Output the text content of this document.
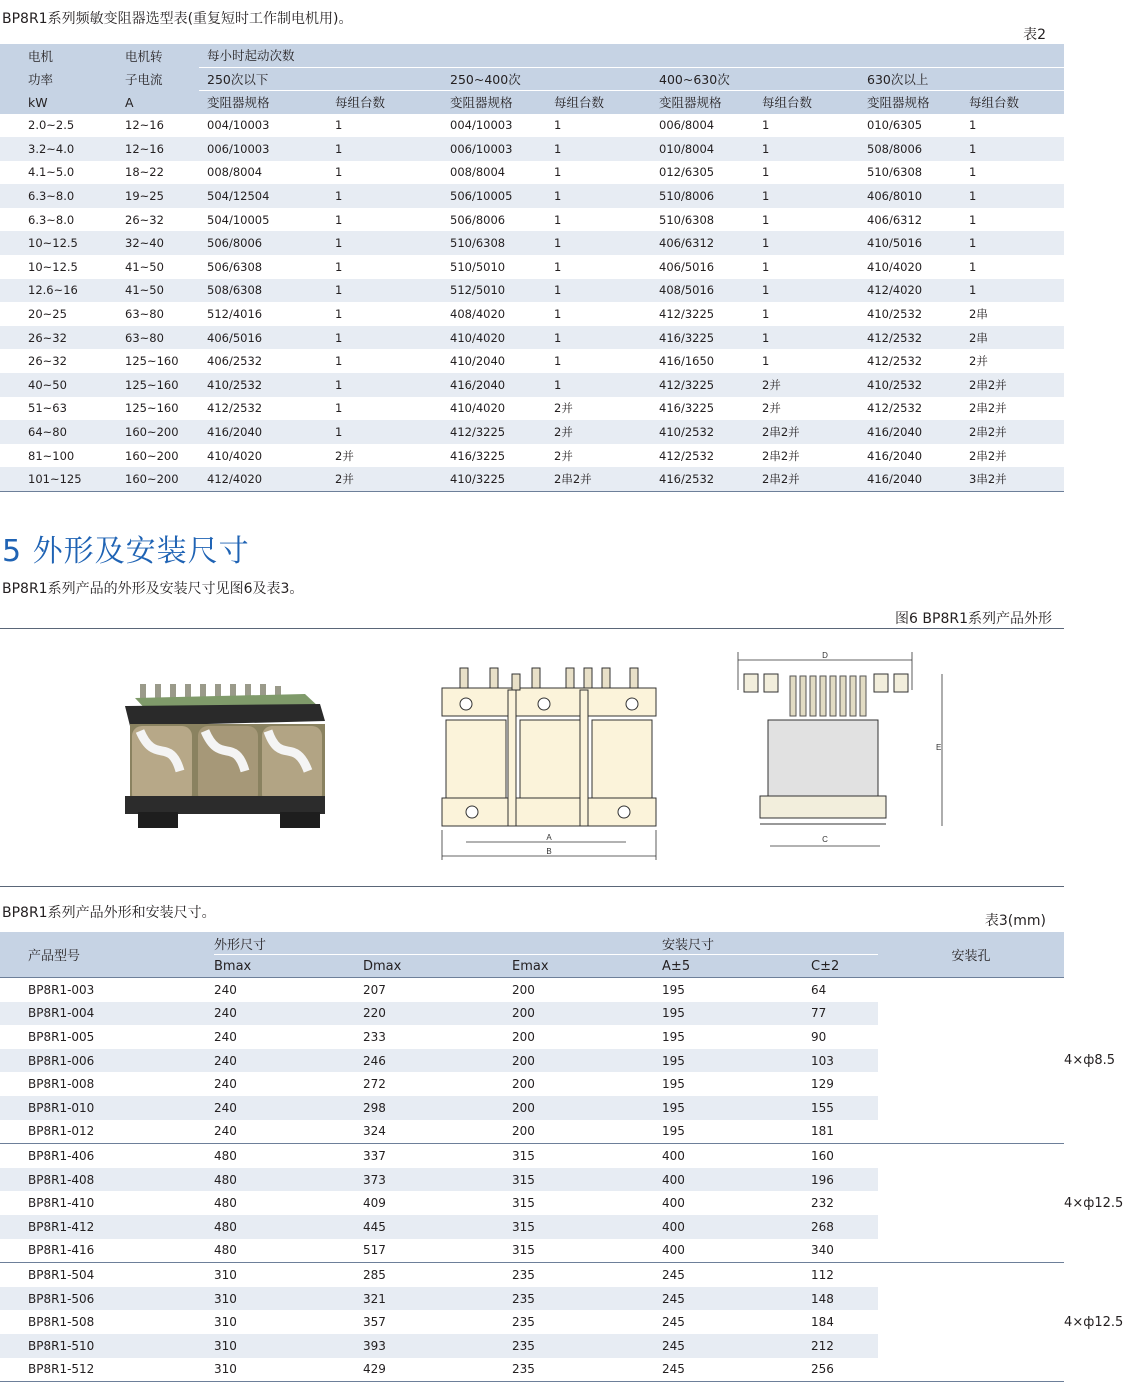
BP8R1系列频敏变阻器选型表(重复短时工作制电机用)。
表2
电机	电机转	每小时起动次数							
功率	子电流	250次以下		250~400次		400~630次		630次以上	
kW	A	变阻器规格	每组台数	变阻器规格	每组台数	变阻器规格	每组台数	变阻器规格	每组台数
2.0~2.5	12~16	004/10003	1	004/10003	1	006/8004	1	010/6305	1
3.2~4.0	12~16	006/10003	1	006/10003	1	010/8004	1	508/8006	1
4.1~5.0	18~22	008/8004	1	008/8004	1	012/6305	1	510/6308	1
6.3~8.0	19~25	504/12504	1	506/10005	1	510/8006	1	406/8010	1
6.3~8.0	26~32	504/10005	1	506/8006	1	510/6308	1	406/6312	1
10~12.5	32~40	506/8006	1	510/6308	1	406/6312	1	410/5016	1
10~12.5	41~50	506/6308	1	510/5010	1	406/5016	1	410/4020	1
12.6~16	41~50	508/6308	1	512/5010	1	408/5016	1	412/4020	1
20~25	63~80	512/4016	1	408/4020	1	412/3225	1	410/2532	2串
26~32	63~80	406/5016	1	410/4020	1	416/3225	1	412/2532	2串
26~32	125~160	406/2532	1	410/2040	1	416/1650	1	412/2532	2并
40~50	125~160	410/2532	1	416/2040	1	412/3225	2并	410/2532	2串2并
51~63	125~160	412/2532	1	410/4020	2并	416/3225	2并	412/2532	2串2并
64~80	160~200	416/2040	1	412/3225	2并	410/2532	2串2并	416/2040	2串2并
81~100	160~200	410/4020	2并	416/3225	2并	412/2532	2串2并	416/2040	2串2并
101~125	160~200	412/4020	2并	410/3225	2串2并	416/2532	2串2并	416/2040	3串2并
5 外形及安装尺寸
BP8R1系列产品的外形及安装尺寸见图6及表3。
图6 BP8R1系列产品外形
A
B
D
C
E
BP8R1系列产品外形和安装尺寸。	表3(mm)
产品型号	外形尺寸			安装尺寸		安装孔	
	Bmax	Dmax	Emax	A±5	C±2		
BP8R1-003	240	207	200	195	64		4×ф8.5
BP8R1-004	240	220	200	195	77		
BP8R1-005	240	233	200	195	90		
BP8R1-006	240	246	200	195	103		
BP8R1-008	240	272	200	195	129		
BP8R1-010	240	298	200	195	155		
BP8R1-012	240	324	200	195	181		
BP8R1-406	480	337	315	400	160		4×ф12.5
BP8R1-408	480	373	315	400	196		
BP8R1-410	480	409	315	400	232		
BP8R1-412	480	445	315	400	268		
BP8R1-416	480	517	315	400	340		
BP8R1-504	310	285	235	245	112		4×ф12.5
BP8R1-506	310	321	235	245	148		
BP8R1-508	310	357	235	245	184		
BP8R1-510	310	393	235	245	212		
BP8R1-512	310	429	235	245	256		
